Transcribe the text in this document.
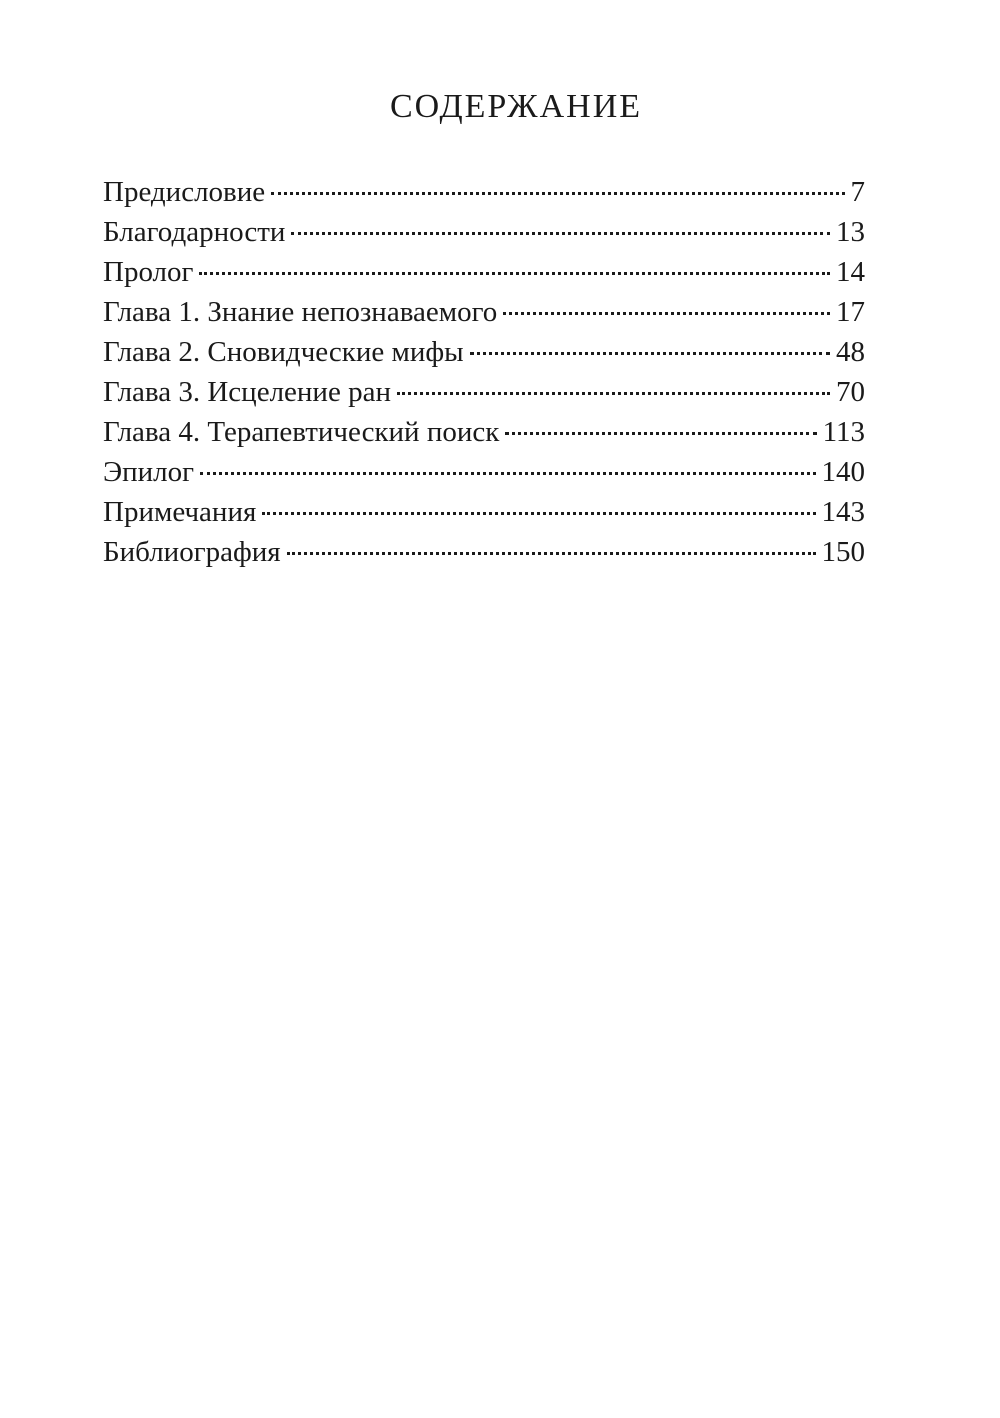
СОДЕРЖАНИЕ
Предисловие	7
Благодарности	13
Пролог	14
Глава 1. Знание непознаваемого	17
Глава 2. Сновидческие мифы	48
Глава 3. Исцеление ран	70
Глава 4. Терапевтический поиск	113
Эпилог	140
Примечания	143
Библиография	150
